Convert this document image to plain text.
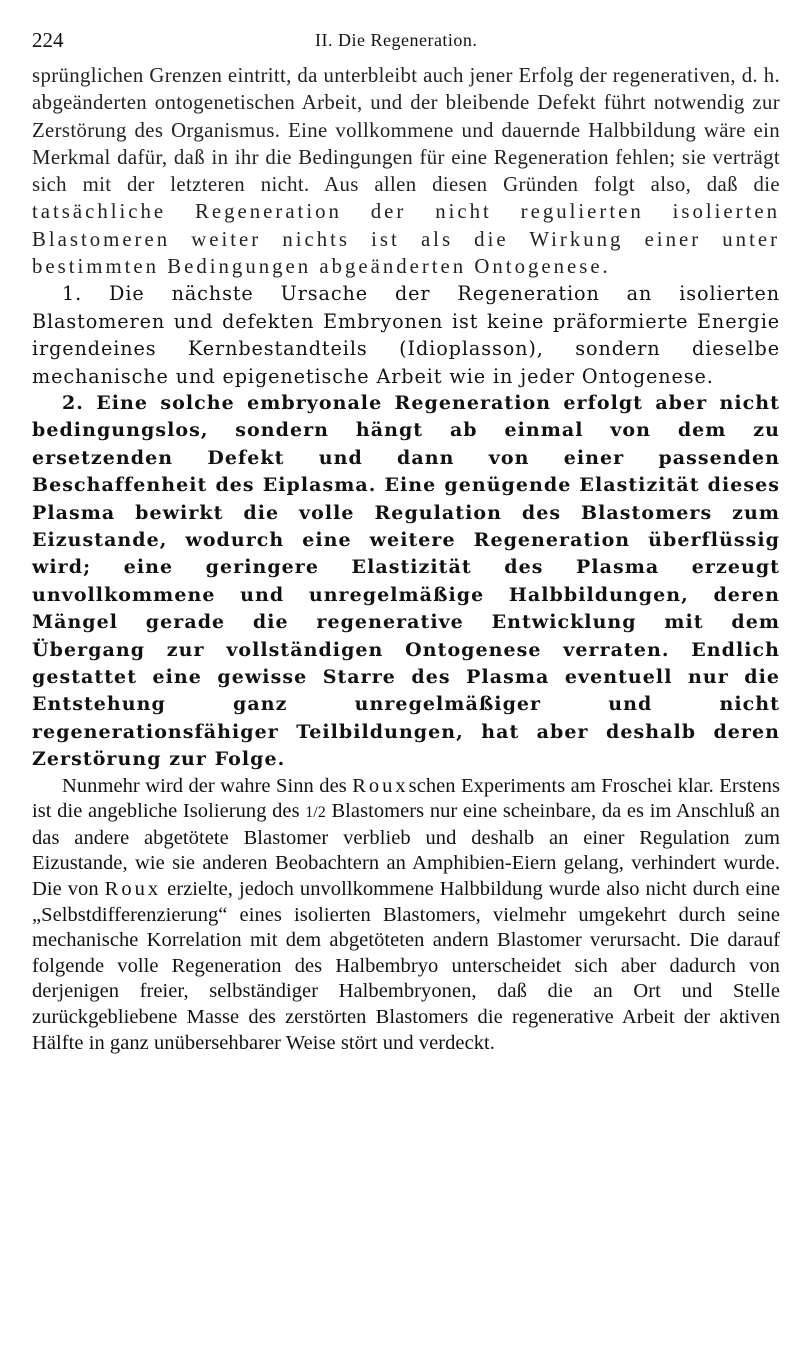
224	II. Die Regeneration.

sprünglichen Grenzen eintritt, da unterbleibt auch jener Erfolg der regenerativen, d. h. abgeänderten ontogenetischen Arbeit, und der bleibende Defekt führt notwendig zur Zerstörung des Organismus. Eine vollkommene und dauernde Halbbildung wäre ein Merkmal dafür, daß in ihr die Bedingungen für eine Regeneration fehlen; sie verträgt sich mit der letzteren nicht. Aus allen diesen Gründen folgt also, daß die tatsächliche Regeneration der nicht regulierten isolierten Blastomeren weiter nichts ist als die Wirkung einer unter bestimmten Bedingungen abgeänderten Ontogenese.

1. Die nächste Ursache der Regeneration an isolierten Blastomeren und defekten Embryonen ist keine präformierte Energie irgendeines Kernbestandteils (Idioplasson), sondern dieselbe mechanische und epigenetische Arbeit wie in jeder Ontogenese.

2. Eine solche embryonale Regeneration erfolgt aber nicht bedingungslos, sondern hängt ab einmal von dem zu ersetzenden Defekt und dann von einer passenden Beschaffenheit des Eiplasma. Eine genügende Elastizität dieses Plasma bewirkt die volle Regulation des Blastomers zum Eizustande, wodurch eine weitere Regeneration überflüssig wird; eine geringere Elastizität des Plasma erzeugt unvollkommene und unregelmäßige Halbbildungen, deren Mängel gerade die regenerative Entwicklung mit dem Übergang zur vollständigen Ontogenese verraten. Endlich gestattet eine gewisse Starre des Plasma eventuell nur die Entstehung ganz unregelmäßiger und nicht regenerationsfähiger Teilbildungen, hat aber deshalb deren Zerstörung zur Folge.

Nunmehr wird der wahre Sinn des Rouxschen Experiments am Froschei klar. Erstens ist die angebliche Isolierung des 1/2 Blastomers nur eine scheinbare, da es im Anschluß an das andere abgetötete Blastomer verblieb und deshalb an einer Regulation zum Eizustande, wie sie anderen Beobachtern an Amphibien-Eiern gelang, verhindert wurde. Die von Roux erzielte, jedoch unvollkommene Halbbildung wurde also nicht durch eine „Selbstdifferenzierung“ eines isolierten Blastomers, vielmehr umgekehrt durch seine mechanische Korrelation mit dem abgetöteten andern Blastomer verursacht. Die darauf folgende volle Regeneration des Halbembryo unterscheidet sich aber dadurch von derjenigen freier, selbständiger Halbembryonen, daß die an Ort und Stelle zurückgebliebene Masse des zerstörten Blastomers die regenerative Arbeit der aktiven Hälfte in ganz unübersehbarer Weise stört und verdeckt.
